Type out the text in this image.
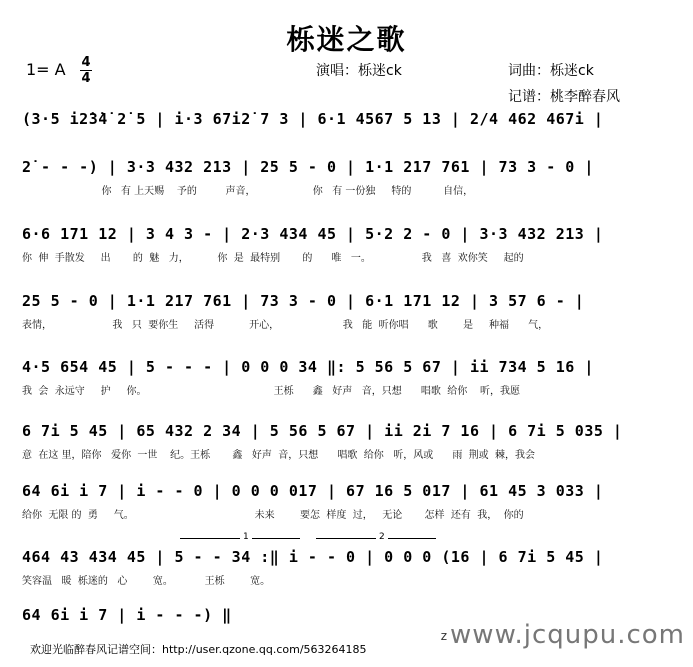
栎迷之歌
1= A 4
4	演唱：栎迷ck	词曲：栎迷ck
记谱：桃李醉春风
(3·5 i2̇3̇4̇ 2̇ 5 | i·3 67i2̇ 7 3 | 6·1 4567 5 13 | 2/4 462 467i |
2̇ - - -) | 3·3 432 213 | 25 5 - 0 | 1·1 217 761 | 73 3 - 0 |
你   有 上天赐    予的         声音，                  你   有 一份独     特的          自信，
6·6 171 12 | 3 4 3 - | 2·3 434 45 | 5·2 2 - 0 | 3·3 432 213 |
你  伸  手散发     出       的  魅   力，         你  是  最特别       的      唯   一。                我   喜  欢你笑     起的
25 5 - 0 | 1·1 217 761 | 73 3 - 0 | 6·1 171 12 | 3 57 6 - |
表情，                   我   只  要你生     活得           开心，                    我   能  听你唱      歌        是     种福      气，
4·5 654 45 | 5 - - - | 0 0 0 34 ‖: 5 56 5 67 | ii 734 5 16 |
我  会  永远守     护     你。                                        王栎      鑫   好声   音，只想      唱歌  给你    听，我愿
6 7i 5 45 | 65 432 2 34 | 5 56 5 67 | ii 2i 7 16 | 6 7i 5 035 |
意  在这 里，陪你   爱你  一世    纪。王栎       鑫   好声  音，只想      唱歌  给你   听，风或      雨  荆或  棘，我会
64 6i i 7 | i - - 0 | 0 0 0 017 | 67 16 5 017 | 61 45 3 033 |
给你  无限 的  勇     气。                                      未来        要怎  样度  过，   无论       怎样  还有  我，  你的
1	2
464 43 434 45 | 5 - - 34 :‖ i - - 0 | 0 0 0 (16 | 6 7i 5 45 |
笑容温   暖  栎迷的   心        宽。          王栎        宽。
64 6i i 7 | i - - -) ‖
欢迎光临醉春风记谱空间：http://user.qzone.qq.com/563264185
zwww.jcqupu.com
